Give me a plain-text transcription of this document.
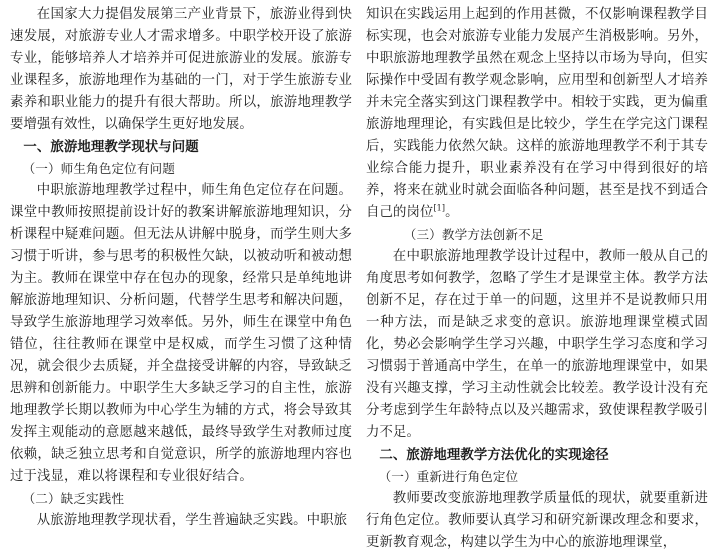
在国家大力提倡发展第三产业背景下，旅游业得到快速发展，对旅游专业人才需求增多。中职学校开设了旅游专业，能够培养人才培养并可促进旅游业的发展。旅游专业课程多，旅游地理作为基础的一门，对于学生旅游专业素养和职业能力的提升有很大帮助。所以，旅游地理教学要增强有效性，以确保学生更好地发展。

一、旅游地理教学现状与问题

（一）师生角色定位有问题

中职旅游地理教学过程中，师生角色定位存在问题。课堂中教师按照提前设计好的教案讲解旅游地理知识，分析课程中疑难问题。但无法从讲解中脱身，而学生则大多习惯于听讲，参与思考的积极性欠缺，以被动听和被动想为主。教师在课堂中存在包办的现象，经常只是单纯地讲解旅游地理知识、分析问题，代替学生思考和解决问题，导致学生旅游地理学习效率低。另外，师生在课堂中角色错位，往往教师在课堂中是权威，而学生习惯了这种情况，就会很少去质疑，并全盘接受讲解的内容，导致缺乏思辨和创新能力。中职学生大多缺乏学习的自主性，旅游地理教学长期以教师为中心学生为辅的方式，将会导致其发挥主观能动的意愿越来越低，最终导致学生对教师过度依赖，缺乏独立思考和自觉意识，所学的旅游地理内容也过于浅显，难以将课程和专业很好结合。

（二）缺乏实践性

从旅游地理教学现状看，学生普遍缺乏实践。中职旅

知识在实践运用上起到的作用甚微，不仅影响课程教学目标实现，也会对旅游专业能力发展产生消极影响。另外，中职旅游地理教学虽然在观念上坚持以市场为导向，但实际操作中受固有教学观念影响，应用型和创新型人才培养并未完全落实到这门课程教学中。相较于实践，更为偏重旅游地理理论，有实践但是比较少，学生在学完这门课程后，实践能力依然欠缺。这样的旅游地理教学不利于其专业综合能力提升，职业素养没有在学习中得到很好的培养，将来在就业时就会面临各种问题，甚至是找不到适合自己的岗位[1]。

（三）教学方法创新不足

在中职旅游地理教学设计过程中，教师一般从自己的角度思考如何教学，忽略了学生才是课堂主体。教学方法创新不足，存在过于单一的问题，这里并不是说教师只用一种方法，而是缺乏求变的意识。旅游地理课堂模式固化，势必会影响学生学习兴趣，中职学生学习态度和学习习惯弱于普通高中学生，在单一的旅游地理课堂中，如果没有兴趣支撑，学习主动性就会比较差。教学设计没有充分考虑到学生年龄特点以及兴趣需求，致使课程教学吸引力不足。

二、旅游地理教学方法优化的实现途径

（一）重新进行角色定位

教师要改变旅游地理教学质量低的现状，就要重新进行角色定位。教师要认真学习和研究新课改理念和要求，更新教育观念，构建以学生为中心的旅游地理课堂，
